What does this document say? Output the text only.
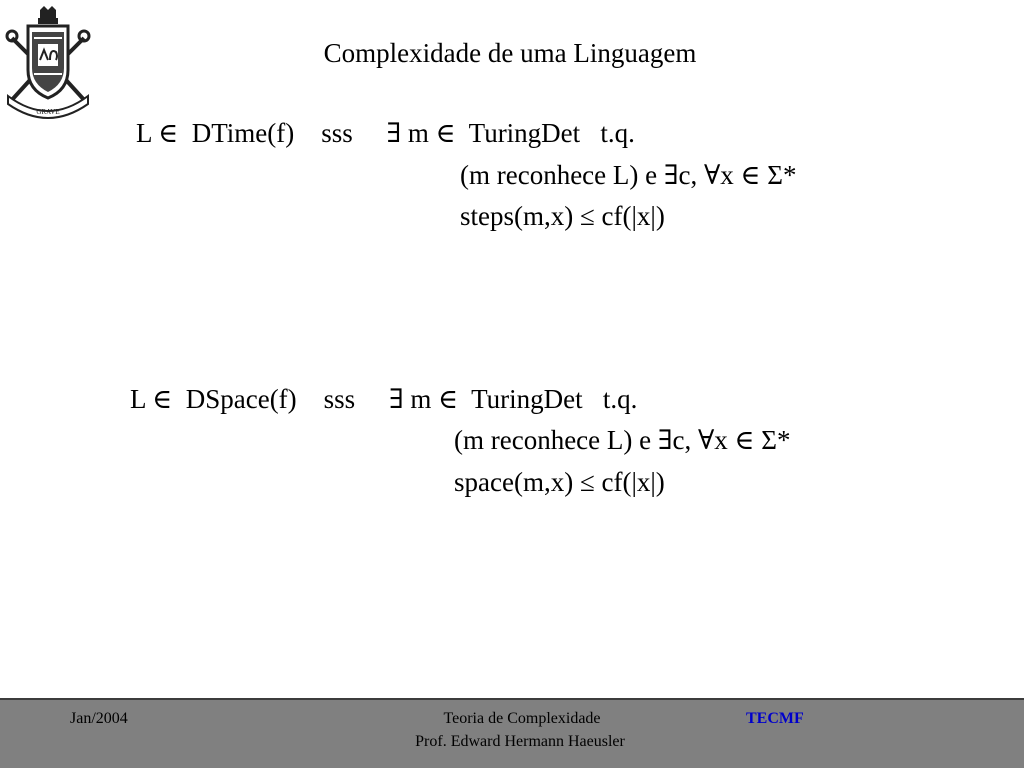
GRAVE
Complexidade de uma Linguagem
L ∈  DTime(f)    sss     ∃ m ∈  TuringDet   t.q.
(m reconhece L) e ∃c, ∀x ∈ Σ*
steps(m,x) ≤ cf(|x|)
L ∈  DSpace(f)    sss     ∃ m ∈  TuringDet   t.q.
(m reconhece L) e ∃c, ∀x ∈ Σ*
space(m,x) ≤ cf(|x|)
Jan/2004	Teoria de Complexidade
Prof. Edward Hermann Haeusler
TECMF
